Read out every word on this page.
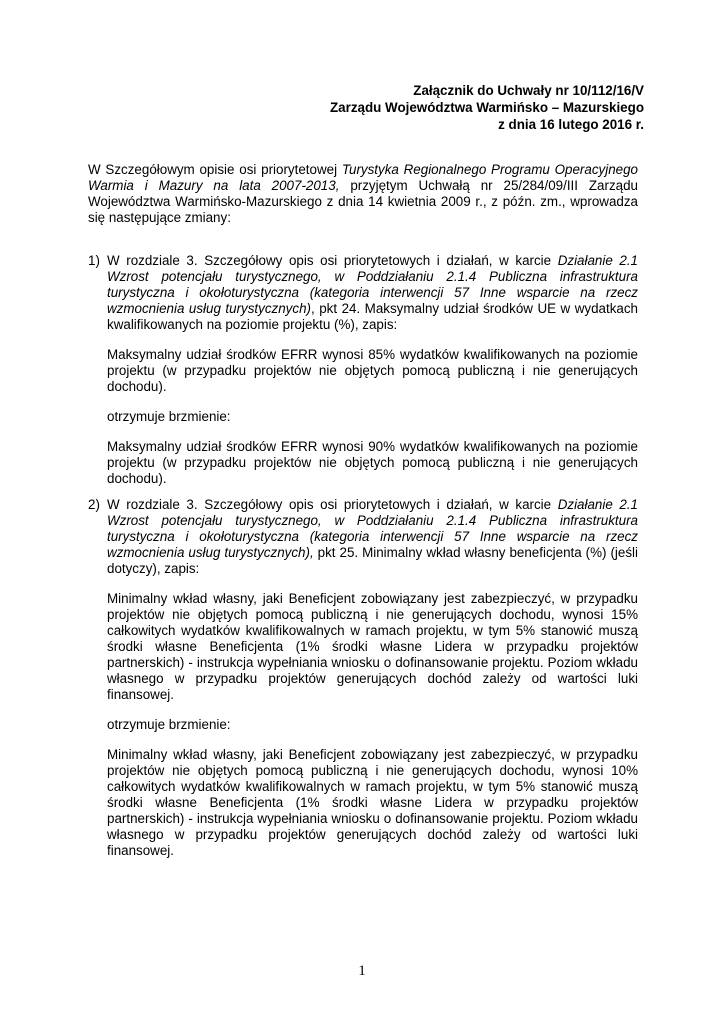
Załącznik do Uchwały nr 10/112/16/V
Zarządu Województwa Warmińsko – Mazurskiego
z dnia 16 lutego 2016 r.
W Szczegółowym opisie osi priorytetowej Turystyka Regionalnego Programu Operacyjnego Warmia i Mazury na lata 2007-2013, przyjętym Uchwałą nr 25/284/09/III Zarządu Województwa Warmińsko-Mazurskiego z dnia 14 kwietnia 2009 r., z późn. zm., wprowadza się następujące zmiany:
1) W rozdziale 3. Szczegółowy opis osi priorytetowych i działań, w karcie Działanie 2.1 Wzrost potencjału turystycznego, w Poddziałaniu 2.1.4 Publiczna infrastruktura turystyczna i okołoturystyczna (kategoria interwencji 57 Inne wsparcie na rzecz wzmocnienia usług turystycznych), pkt 24. Maksymalny udział środków UE w wydatkach kwalifikowanych na poziomie projektu (%), zapis:

Maksymalny udział środków EFRR wynosi 85% wydatków kwalifikowanych na poziomie projektu (w przypadku projektów nie objętych pomocą publiczną i nie generujących dochodu).

otrzymuje brzmienie:

Maksymalny udział środków EFRR wynosi 90% wydatków kwalifikowanych na poziomie projektu (w przypadku projektów nie objętych pomocą publiczną i nie generujących dochodu).

2) W rozdziale 3. Szczegółowy opis osi priorytetowych i działań, w karcie Działanie 2.1 Wzrost potencjału turystycznego, w Poddziałaniu 2.1.4 Publiczna infrastruktura turystyczna i okołoturystyczna (kategoria interwencji 57 Inne wsparcie na rzecz wzmocnienia usług turystycznych), pkt 25. Minimalny wkład własny beneficjenta (%) (jeśli dotyczy), zapis:

Minimalny wkład własny, jaki Beneficjent zobowiązany jest zabezpieczyć, w przypadku projektów nie objętych pomocą publiczną i nie generujących dochodu, wynosi 15% całkowitych wydatków kwalifikowalnych w ramach projektu, w tym 5% stanowić muszą środki własne Beneficjenta (1% środki własne Lidera w przypadku projektów partnerskich) - instrukcja wypełniania wniosku o dofinansowanie projektu. Poziom wkładu własnego w przypadku projektów generujących dochód zależy od wartości luki finansowej.

otrzymuje brzmienie:

Minimalny wkład własny, jaki Beneficjent zobowiązany jest zabezpieczyć, w przypadku projektów nie objętych pomocą publiczną i nie generujących dochodu, wynosi 10% całkowitych wydatków kwalifikowalnych w ramach projektu, w tym 5% stanowić muszą środki własne Beneficjenta (1% środki własne Lidera w przypadku projektów partnerskich) - instrukcja wypełniania wniosku o dofinansowanie projektu. Poziom wkładu własnego w przypadku projektów generujących dochód zależy od wartości luki finansowej.

1
